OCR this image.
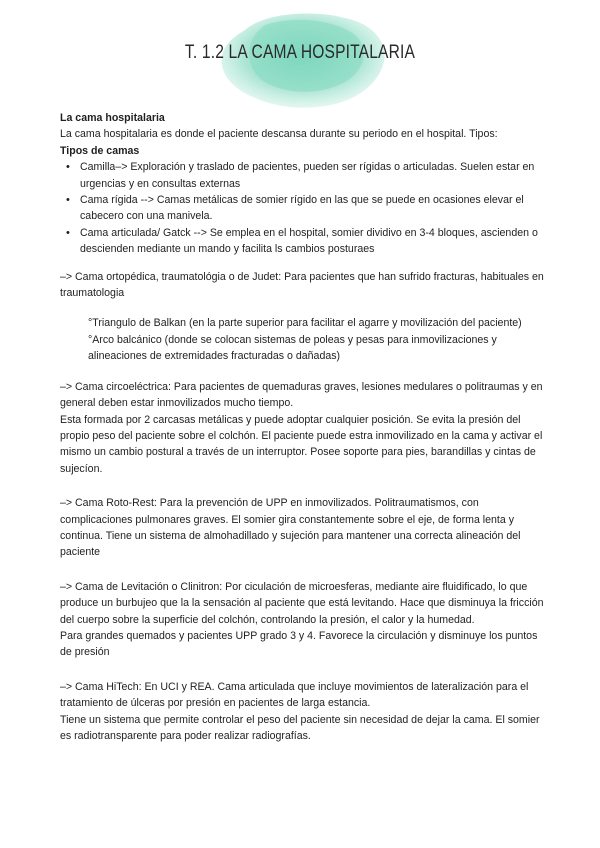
T. 1.2 LA CAMA HOSPITALARIA

La cama hospitalaria

La cama hospitalaria es donde el paciente descansa durante su periodo en el hospital. Tipos:

Tipos de camas

• Camilla–> Exploración y traslado de pacientes, pueden ser rígidas o articuladas. Suelen estar en urgencias y en consultas externas
• Cama rígida --> Camas metálicas de somier rígido en las que se puede en ocasiones elevar el cabecero con una manivela.
• Cama articulada/ Gatck --> Se emplea en el hospital, somier dividivo en 3-4 bloques, ascienden o descienden mediante un mando y facilita ls cambios posturaes

–> Cama ortopédica, traumatológia o de Judet: Para pacientes que han sufrido fracturas, habituales en traumatologia

°Triangulo de Balkan (en la parte superior para facilitar el agarre y movilización del paciente)

°Arco balcánico (donde se colocan sistemas de poleas y pesas para inmovilizaciones y alineaciones de extremidades fracturadas o dañadas)

–> Cama circoeléctrica: Para pacientes de quemaduras graves, lesiones medulares o politraumas y en general deben estar inmovilizados mucho tiempo.

Esta formada por 2 carcasas metálicas y puede adoptar cualquier posición. Se evita la presión del propio peso del paciente sobre el colchón. El paciente puede estra inmovilizado en la cama y activar el mismo un cambio postural a través de un interruptor. Posee soporte para pies, barandillas y cintas de sujecíon.

–> Cama Roto-Rest: Para la prevención de UPP en inmovilizados. Politraumatismos, con complicaciones pulmonares graves. El somier gira constantemente sobre el eje, de forma lenta y continua. Tiene un sistema de almohadillado y sujeción para mantener una correcta alineación del paciente

–> Cama de Levitación o Clinitron: Por ciculación de microesferas, mediante aire fluidificado, lo que produce un burbujeo que la la sensación al paciente que está levitando. Hace que disminuya la fricción del cuerpo sobre la superficie del colchón, controlando la presión, el calor y la humedad.

Para grandes quemados y pacientes UPP grado 3 y 4. Favorece la circulación y disminuye los puntos de presión

–> Cama HiTech: En UCI y REA. Cama articulada que incluye movimientos de lateralización para el tratamiento de úlceras por presión en pacientes de larga estancia.

Tiene un sistema que permite controlar el peso del paciente sin necesidad de dejar la cama. El somier es radiotransparente para poder realizar radiografías.
